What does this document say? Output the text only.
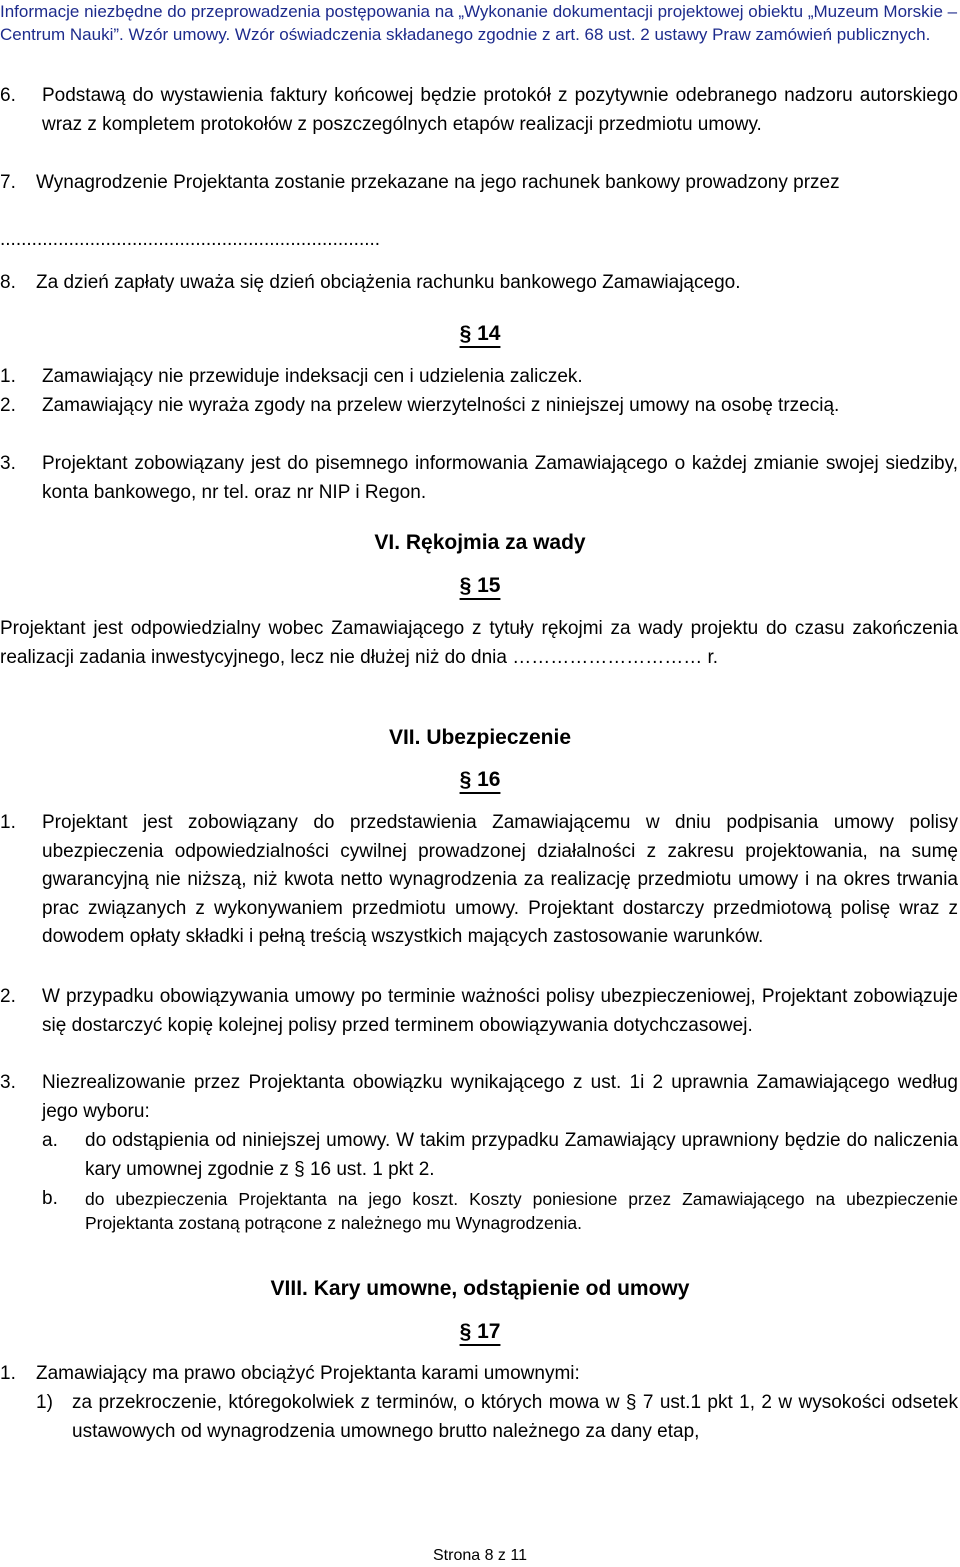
Informacje niezbędne do przeprowadzenia postępowania na „Wykonanie dokumentacji projektowej obiektu „Muzeum Morskie – Centrum Nauki”. Wzór umowy. Wzór oświadczenia składanego zgodnie z art. 68 ust. 2 ustawy Praw zamówień publicznych.
6. Podstawą do wystawienia faktury końcowej będzie protokół z pozytywnie odebranego nadzoru autorskiego wraz z kompletem protokołów z poszczególnych etapów realizacji przedmiotu umowy.
7.	Wynagrodzenie Projektanta zostanie przekazane na jego rachunek bankowy prowadzony przez
........................................................................
8. Za dzień zapłaty uważa się dzień obciążenia rachunku bankowego Zamawiającego.
§ 14
1. Zamawiający nie przewiduje indeksacji cen i udzielenia zaliczek.
2. Zamawiający nie wyraża zgody na przelew wierzytelności z niniejszej umowy na osobę trzecią.
3. Projektant zobowiązany jest do pisemnego informowania Zamawiającego o każdej zmianie swojej siedziby, konta bankowego, nr tel. oraz nr NIP i Regon.
VI. Rękojmia za wady
§ 15
Projektant jest odpowiedzialny wobec Zamawiającego z tytuły rękojmi za wady projektu do czasu zakończenia realizacji zadania inwestycyjnego, lecz nie dłużej niż do dnia ………………………… r.
VII. Ubezpieczenie
§ 16
1. Projektant jest zobowiązany do przedstawienia Zamawiającemu w dniu podpisania umowy polisy ubezpieczenia odpowiedzialności cywilnej prowadzonej działalności z zakresu projektowania, na sumę gwarancyjną nie niższą, niż kwota netto wynagrodzenia za realizację przedmiotu umowy i na okres trwania prac związanych z wykonywaniem przedmiotu umowy. Projektant dostarczy przedmiotową polisę wraz z dowodem opłaty składki i pełną treścią wszystkich mających zastosowanie warunków.
2. W przypadku obowiązywania umowy po terminie ważności polisy ubezpieczeniowej, Projektant zobowiązuje się dostarczyć kopię kolejnej polisy przed terminem obowiązywania dotychczasowej.
3. Niezrealizowanie przez Projektanta obowiązku wynikającego z ust. 1i 2 uprawnia Zamawiającego według jego wyboru:
a. do odstąpienia od niniejszej umowy. W takim przypadku Zamawiający uprawniony będzie do naliczenia kary umownej zgodnie z § 16 ust. 1 pkt 2.
b. do ubezpieczenia Projektanta na jego koszt. Koszty poniesione przez Zamawiającego na ubezpieczenie Projektanta zostaną potrącone z należnego mu Wynagrodzenia.
VIII. Kary umowne, odstąpienie od umowy
§ 17
1. Zamawiający ma prawo obciążyć Projektanta karami umownymi:
1) za przekroczenie, któregokolwiek z terminów, o których mowa w § 7 ust.1 pkt 1, 2 w wysokości odsetek ustawowych od wynagrodzenia umownego brutto należnego za dany etap,
Strona 8 z 11
